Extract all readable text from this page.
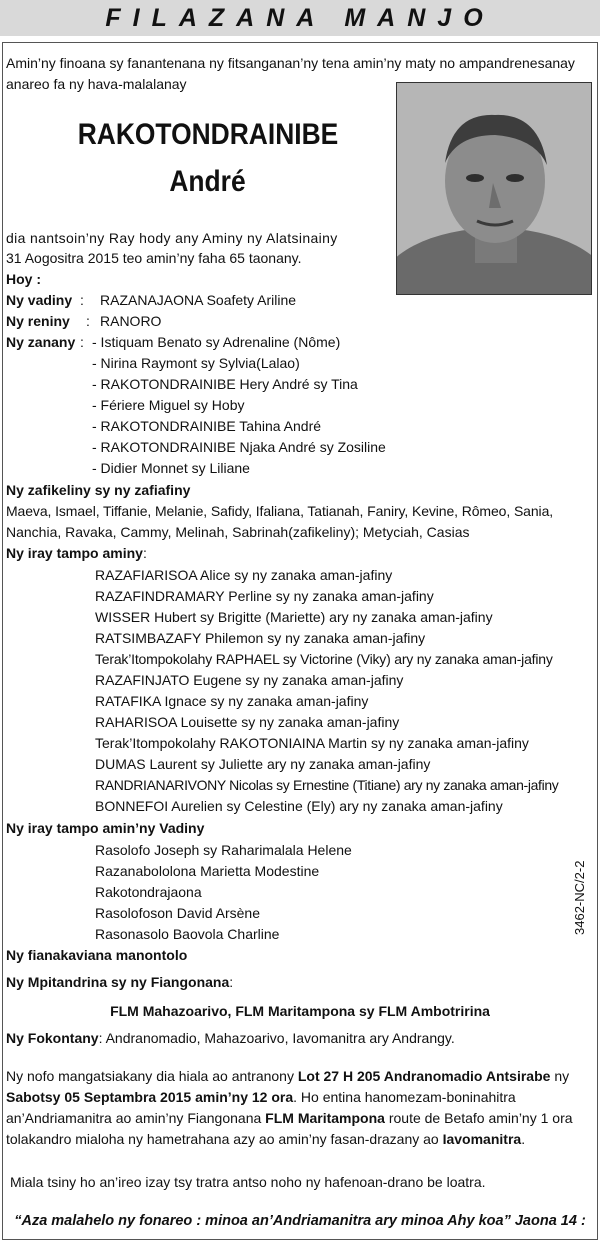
FILAZANA MANJO
Amin’ny finoana sy fanantenana ny fitsanganan’ny tena amin’ny maty no ampandrenesanay
anareo fa ny hava-malalanay
RAKOTONDRAINIBE
André
dia nantsoin’ny Ray hody any Aminy ny Alatsinainy
31 Aogositra 2015 teo amin’ny faha 65 taonany.
Hoy :
Ny vadiny : RAZANAJAONA Soafety Ariline
Ny reniny : RANORO
Ny zanany : - Istiquam Benato sy Adrenaline (Nôme)
- Nirina Raymont sy Sylvia(Lalao)
- RAKOTONDRAINIBE Hery André sy Tina
- Fériere Miguel sy Hoby
- RAKOTONDRAINIBE Tahina André
- RAKOTONDRAINIBE Njaka André sy Zosiline
- Didier Monnet sy Liliane
Ny zafikeliny sy ny zafiafiny
Maeva, Ismael, Tiffanie, Melanie, Safidy, Ifaliana, Tatianah, Faniry, Kevine, Rômeo, Sania,
Nanchia, Ravaka, Cammy, Melinah, Sabrinah(zafikeliny); Metyciah, Casias
Ny iray tampo aminy:
RAZAFIARISOA Alice sy ny zanaka aman-jafiny
RAZAFINDRAMARY Perline sy ny zanaka aman-jafiny
WISSER Hubert sy Brigitte (Mariette) ary ny zanaka aman-jafiny
RATSIMBAZAFY Philemon sy ny zanaka aman-jafiny
Terak’Itompokolahy RAPHAEL sy Victorine (Viky) ary ny zanaka aman-jafiny
RAZAFINJATO Eugene sy ny zanaka aman-jafiny
RATAFIKA Ignace sy ny zanaka aman-jafiny
RAHARISOA Louisette sy ny zanaka aman-jafiny
Terak’Itompokolahy RAKOTONIAINA Martin sy ny zanaka aman-jafiny
DUMAS Laurent sy Juliette ary ny zanaka aman-jafiny
RANDRIANARIVONY Nicolas sy Ernestine (Titiane) ary ny zanaka aman-jafiny
BONNEFOI Aurelien sy Celestine (Ely) ary ny zanaka aman-jafiny
Ny iray tampo amin’ny Vadiny
Rasolofo Joseph sy Raharimalala Helene
Razanabololona Marietta Modestine
Rakotondrajaona
Rasolofoson David Arsène
Rasonasolo Baovola Charline	3462-NC/2-2
Ny fianakaviana manontolo
Ny Mpitandrina sy ny Fiangonana:
FLM Mahazoarivo, FLM Maritampona sy FLM Ambotririna
Ny Fokontany: Andranomadio, Mahazoarivo, Iavomanitra ary Andrangy.
Ny nofo mangatsiakany dia hiala ao antranony Lot 27 H 205 Andranomadio Antsirabe ny
Sabotsy 05 Septambra 2015 amin’ny 12 ora. Ho entina hanomezam-boninahitra
an’Andriamanitra ao amin’ny Fiangonana FLM Maritampona route de Betafo amin’ny 1 ora
tolakandro mialoha ny hametrahana azy ao amin’ny fasan-drazany ao Iavomanitra.
Miala tsiny ho an’ireo izay tsy tratra antso noho ny hafenoan-drano be loatra.
“Aza malahelo ny fonareo : minoa an’Andriamanitra ary minoa Ahy koa” Jaona 14 :
